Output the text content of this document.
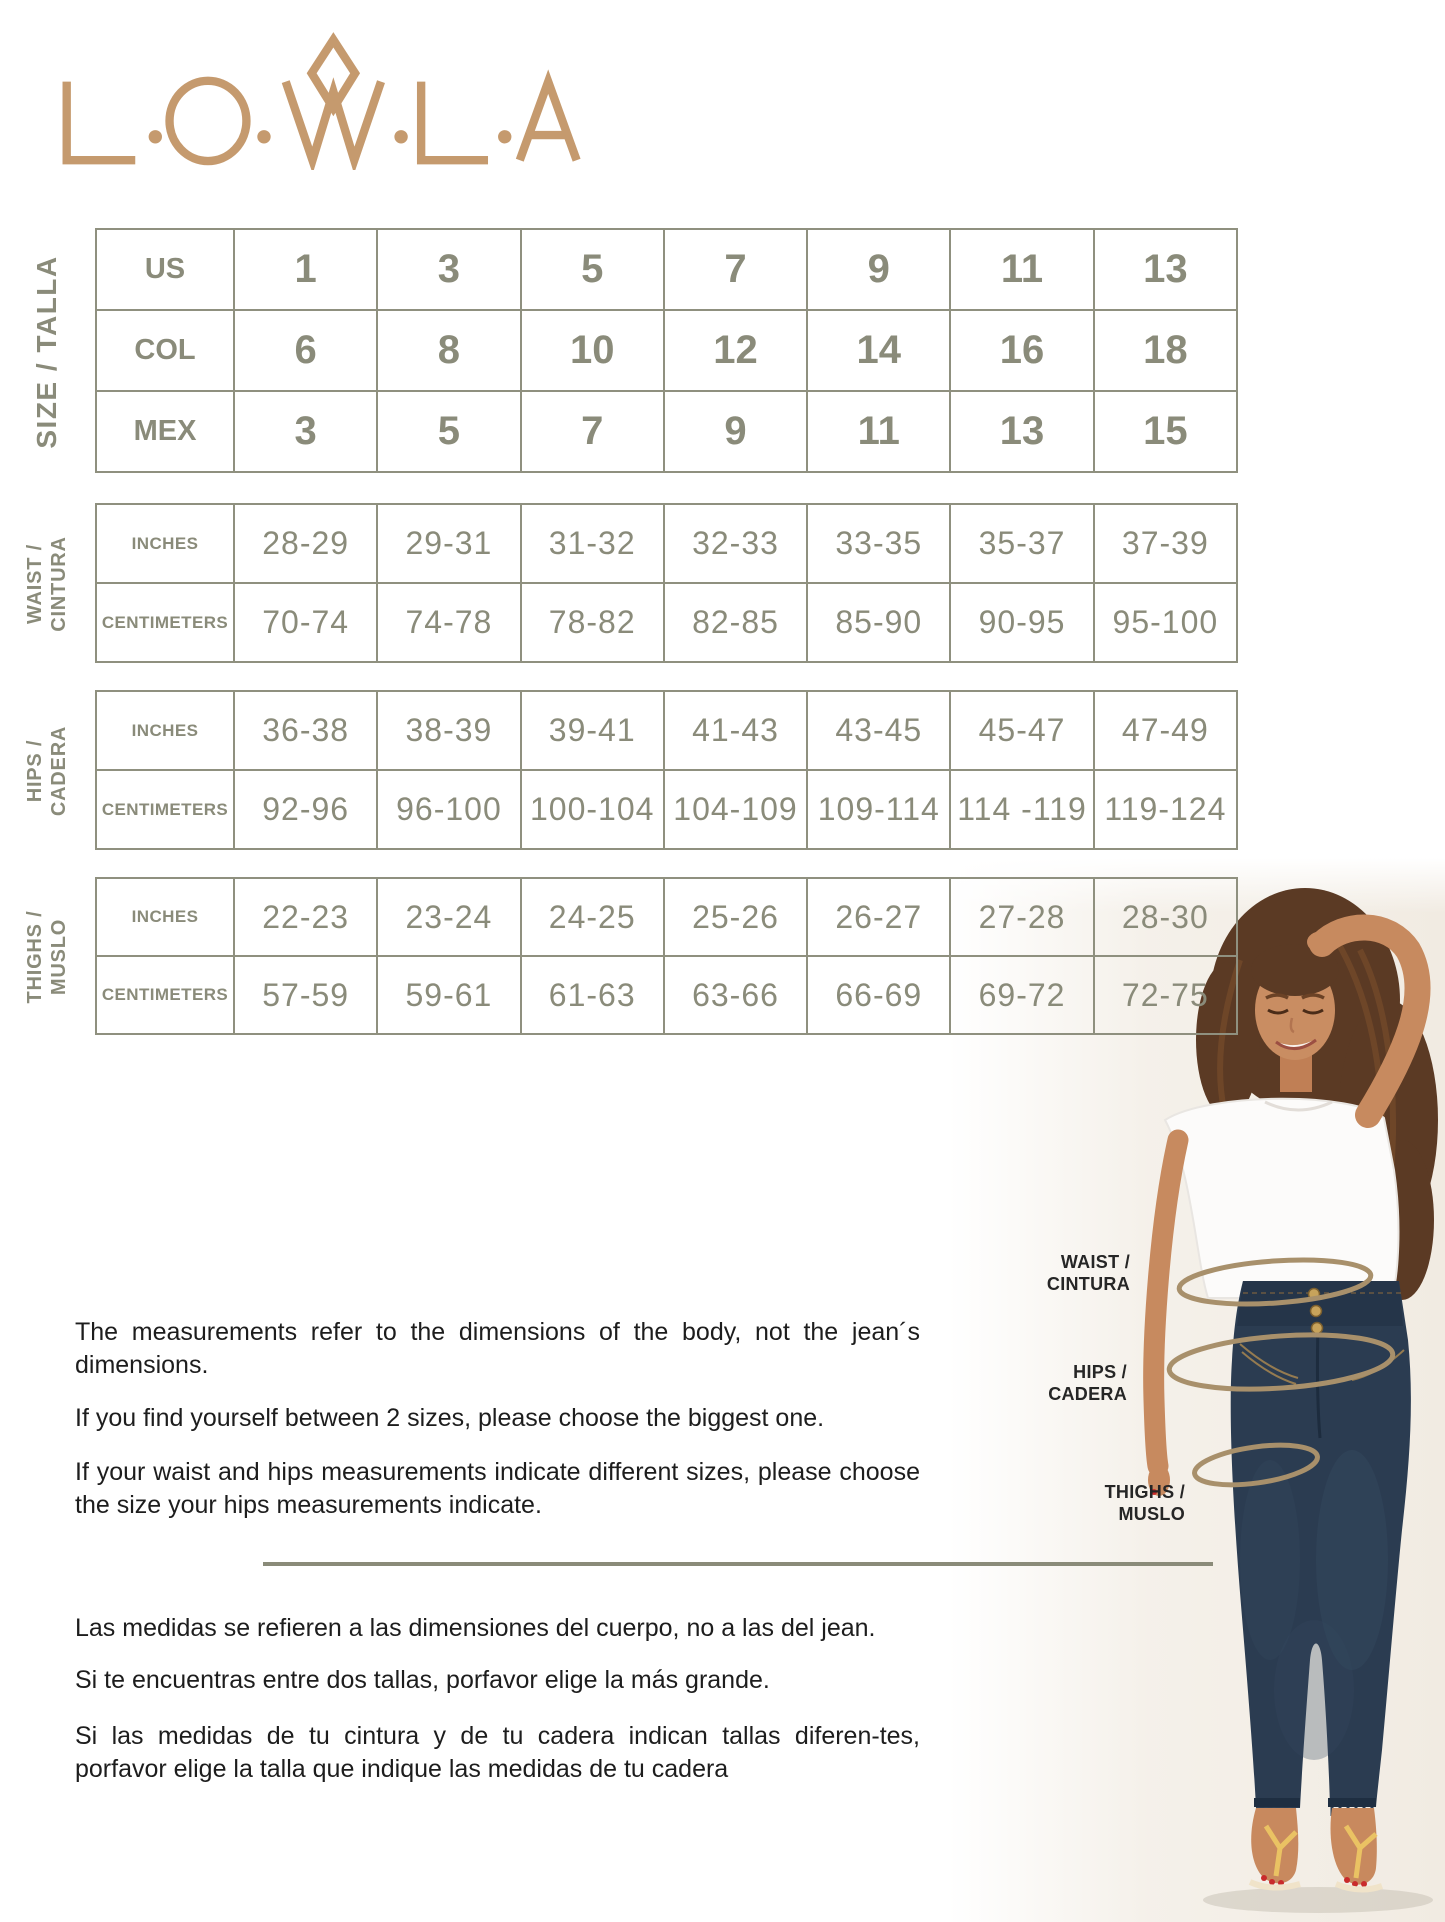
SIZE / TALLA
WAIST / CINTURA
HIPS / CADERA
THIGHS / MUSLO
US	1	3	5	7	9	11	13
COL	6	8	10	12	14	16	18
MEX	3	5	7	9	11	13	15
INCHES	28-29	29-31	31-32	32-33	33-35	35-37	37-39
CENTIMETERS	70-74	74-78	78-82	82-85	85-90	90-95	95-100
INCHES	36-38	38-39	39-41	41-43	43-45	45-47	47-49
CENTIMETERS	92-96	96-100	100-104	104-109	109-114	114 -119	119-124
INCHES	22-23	23-24	24-25	25-26	26-27	27-28	28-30
CENTIMETERS	57-59	59-61	61-63	63-66	66-69	69-72	72-75

The measurements refer to the dimensions of the body, not the jean´s dimensions.

If you find yourself between 2 sizes, please choose the biggest one.

If your waist and hips measurements indicate different sizes, please choose the size your hips measurements indicate.

Las medidas se refieren a las dimensiones del cuerpo, no a las del jean.

Si te encuentras entre dos tallas, porfavor elige la más grande.

Si las medidas de tu cintura y de tu cadera indican tallas diferen-tes, porfavor elige la talla que indique las medidas de tu cadera

WAIST /
CINTURA
HIPS /
CADERA
THIGHS /
MUSLO
